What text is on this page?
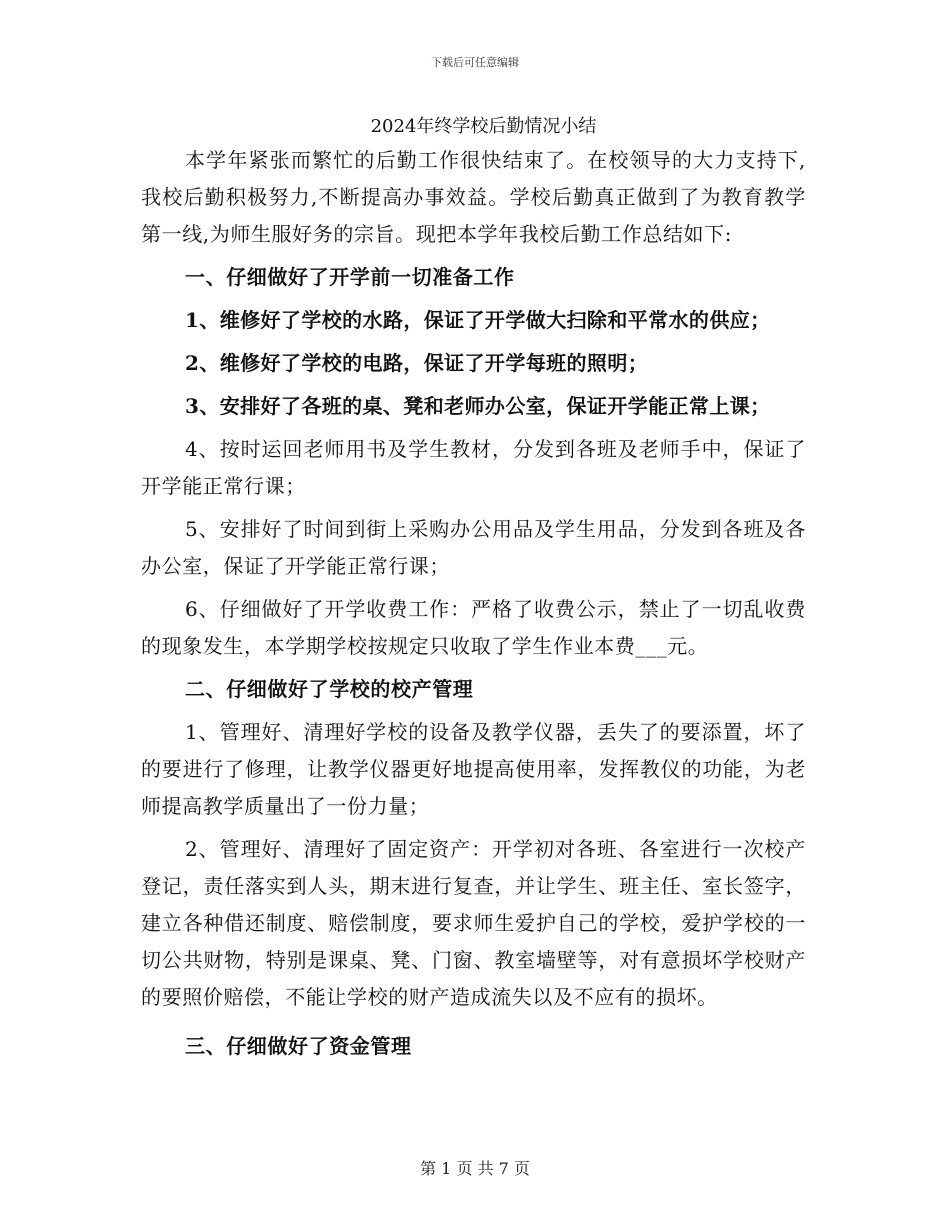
下载后可任意编辑
2024年终学校后勤情况小结

本学年紧张而繁忙的后勤工作很快结束了。在校领导的大力支持下,我校后勤积极努力,不断提高办事效益。学校后勤真正做到了为教育教学第一线,为师生服好务的宗旨。现把本学年我校后勤工作总结如下:

一、仔细做好了开学前一切准备工作

1、维修好了学校的水路，保证了开学做大扫除和平常水的供应；

2、维修好了学校的电路，保证了开学每班的照明；

3、安排好了各班的桌、凳和老师办公室，保证开学能正常上课；

4、按时运回老师用书及学生教材，分发到各班及老师手中，保证了开学能正常行课；

5、安排好了时间到街上采购办公用品及学生用品，分发到各班及各办公室，保证了开学能正常行课；

6、仔细做好了开学收费工作：严格了收费公示，禁止了一切乱收费的现象发生，本学期学校按规定只收取了学生作业本费___元。

二、仔细做好了学校的校产管理

1、管理好、清理好学校的设备及教学仪器，丢失了的要添置，坏了的要进行了修理，让教学仪器更好地提高使用率，发挥教仪的功能，为老师提高教学质量出了一份力量；

2、管理好、清理好了固定资产：开学初对各班、各室进行一次校产登记，责任落实到人头，期末进行复查，并让学生、班主任、室长签字，建立各种借还制度、赔偿制度，要求师生爱护自己的学校，爱护学校的一切公共财物，特别是课桌、凳、门窗、教室墙壁等，对有意损坏学校财产的要照价赔偿，不能让学校的财产造成流失以及不应有的损坏。

三、仔细做好了资金管理

第 1 页 共 7 页
